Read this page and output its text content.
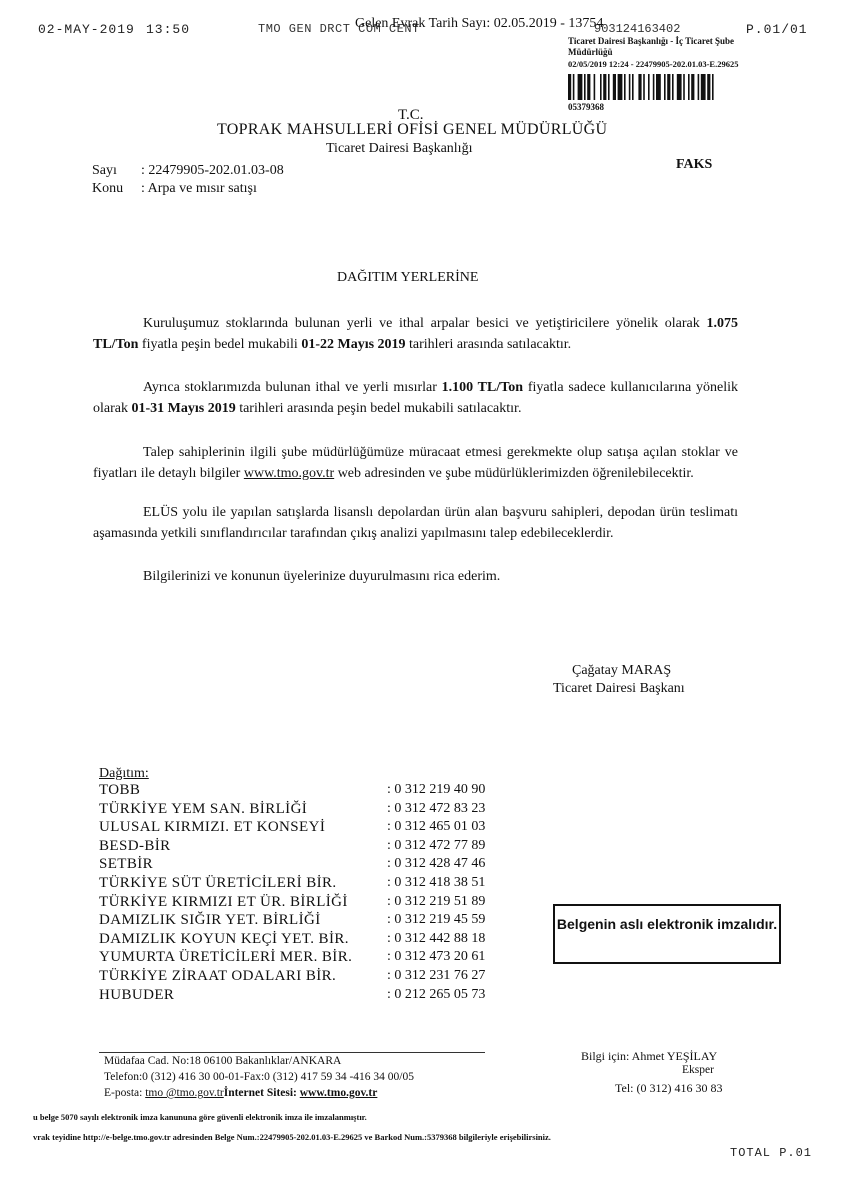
02-MAY-2019 13:50	TMO GEN DRCT COM CENT	903124163402	P.01/01
Gelen Evrak Tarih Sayı: 02.05.2019 - 13754
Ticaret Dairesi Başkanlığı - İç Ticaret Şube
Müdürlüğü
02/05/2019 12:24 - 22479905-202.01.03-E.29625
05379368
T.C.
TOPRAK MAHSULLERİ OFİSİ GENEL MÜDÜRLÜĞÜ
Ticaret Dairesi Başkanlığı
Sayı : 22479905-202.01.03-08
Konu : Arpa ve mısır satışı
FAKS
DAĞITIM YERLERİNE
Kuruluşumuz stoklarında bulunan yerli ve ithal arpalar besici ve yetiştiricilere yönelik olarak 1.075 TL/Ton fiyatla peşin bedel mukabili 01-22 Mayıs 2019 tarihleri arasında satılacaktır.
Ayrıca stoklarımızda bulunan ithal ve yerli mısırlar 1.100 TL/Ton fiyatla sadece kullanıcılarına yönelik olarak 01-31 Mayıs 2019 tarihleri arasında peşin bedel mukabili satılacaktır.
Talep sahiplerinin ilgili şube müdürlüğümüze müracaat etmesi gerekmekte olup satışa açılan stoklar ve fiyatları ile detaylı bilgiler www.tmo.gov.tr web adresinden ve şube müdürlüklerimizden öğrenilebilecektir.
ELÜS yolu ile yapılan satışlarda lisanslı depolardan ürün alan başvuru sahipleri, depodan ürün teslimatı aşamasında yetkili sınıflandırıcılar tarafından çıkış analizi yapılmasını talep edebileceklerdir.
Bilgilerinizi ve konunun üyelerinize duyurulmasını rica ederim.
Çağatay MARAŞ
Ticaret Dairesi Başkanı
Dağıtım:
TOBB	: 0 312 219 40 90
TÜRKİYE YEM SAN. BİRLİĞİ	: 0 312 472 83 23
ULUSAL KIRMIZI. ET KONSEYİ	: 0 312 465 01 03
BESD-BİR	: 0 312 472 77 89
SETBİR	: 0 312 428 47 46
TÜRKİYE SÜT ÜRETİCİLERİ BİR.	: 0 312 418 38 51
TÜRKİYE KIRMIZI ET ÜR. BİRLİĞİ	: 0 312 219 51 89
DAMIZLIK SIĞIR YET. BİRLİĞİ	: 0 312 219 45 59
DAMIZLIK KOYUN KEÇİ YET. BİR.	: 0 312 442 88 18
YUMURTA ÜRETİCİLERİ MER. BİR. : 0 312 473 20 61
TÜRKİYE ZİRAAT ODALARI BİR.	: 0 312 231 76 27
HUBUDER	: 0 212 265 05 73
Belgenin aslı elektronik imzalıdır.
Müdafaa Cad. No:18 06100 Bakanlıklar/ANKARA
Telefon:0 (312) 416 30 00-01-Fax:0 (312) 417 59 34 -416 34 00/05
E-posta: tmo @tmo.gov.trİnternet Sitesi: www.tmo.gov.tr
Bilgi için: Ahmet YEŞİLAY
Eksper
Tel: (0 312) 416 30 83
u belge 5070 sayılı elektronik imza kanununa göre güvenli elektronik imza ile imzalanmıştır.
vrak teyidine http://e-belge.tmo.gov.tr adresinden Belge Num.:22479905-202.01.03-E.29625 ve Barkod Num.:5379368 bilgileriyle erişebilirsiniz.
TOTAL P.01
